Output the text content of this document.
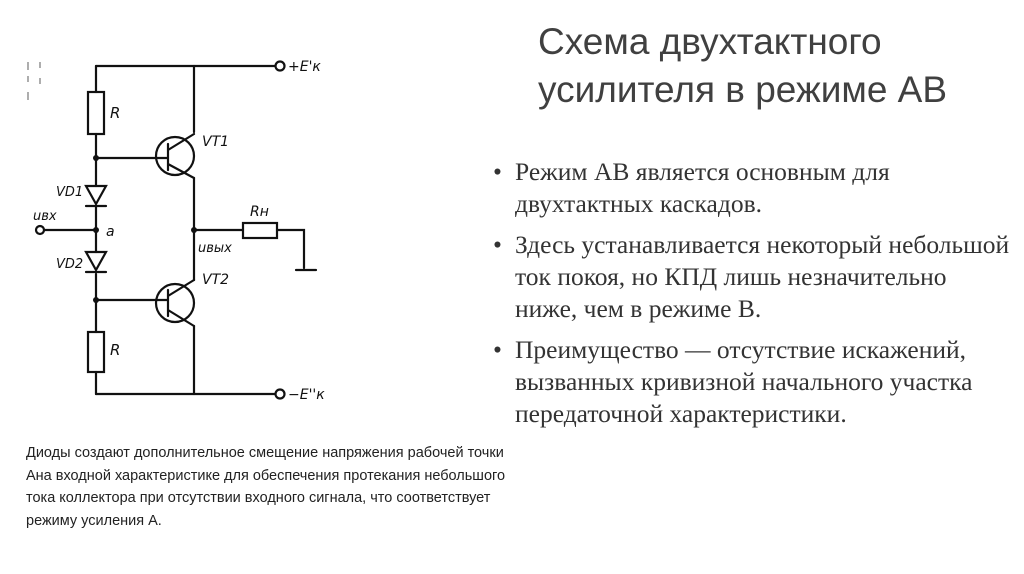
R
R
VT1
VT2
VD1
VD2
a
uвх
uвых
Rн
+E'к
−E''к
Схема двухтактного усилителя в режиме АВ
• Режим АВ является основным для двухтактных каскадов.
• Здесь устанавливается некоторый небольшой ток покоя, но КПД лишь незначительно ниже, чем в режиме В.
• Преимущество — отсутствие искажений, вызванных кривизной начального участка передаточной характеристики.
Диоды создают дополнительное смещение напряжения рабочей точки Ана входной характеристике для обеспечения протекания небольшого тока коллектора при отсутствии входного сигнала, что соответствует режиму усиления А.
